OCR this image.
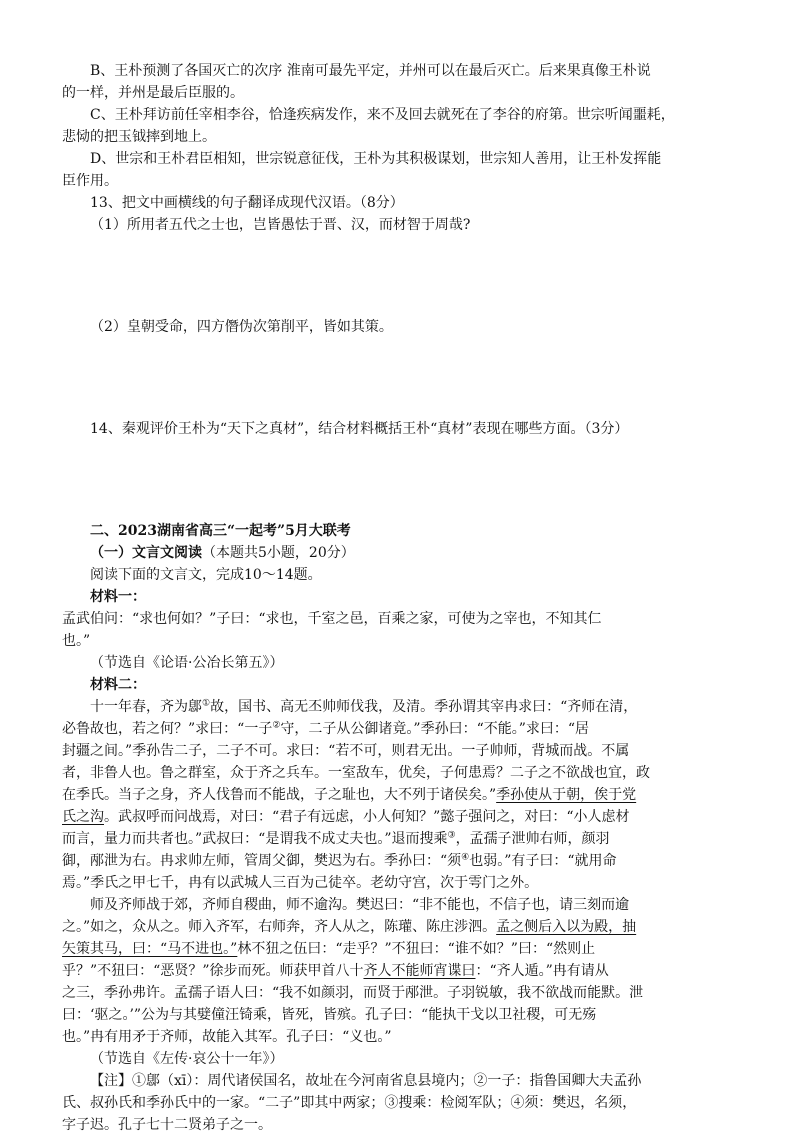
B、王朴预测了各国灭亡的次序 淮南可最先平定，并州可以在最后灭亡。后来果真像王朴说

的一样，并州是最后臣服的。

C、王朴拜访前任宰相李谷，恰逢疾病发作，来不及回去就死在了李谷的府第。世宗听闻噩耗，

悲恸的把玉钺摔到地上。

D、世宗和王朴君臣相知，世宗锐意征伐，王朴为其积极谋划，世宗知人善用，让王朴发挥能

臣作用。

13、把文中画横线的句子翻译成现代汉语。（8分）

（1）所用者五代之士也，岂皆愚怯于晋、汉，而材智于周哉?

（2）皇朝受命，四方僭伪次第削平，皆如其策。

14、秦观评价王朴为“天下之真材”，结合材料概括王朴“真材”表现在哪些方面。（3分）

二、2023湖南省高三“一起考”5月大联考

（一）文言文阅读（本题共5小题，20分）

阅读下面的文言文，完成10～14题。

材料一：

孟武伯问：“求也何如？”子曰：“求也，千室之邑，百乘之家，可使为之宰也，不知其仁

也。”

（节选自《论语·公冶长第五》）

材料二：

十一年春，齐为鄎①故，国书、高无丕帅师伐我，及清。季孙谓其宰冉求曰：“齐师在清，

必鲁故也，若之何？”求曰：“一子②守，二子从公御诸竟。”季孙曰：“不能。”求曰：“居

封疆之间。”季孙告二子，二子不可。求曰：“若不可，则君无出。一子帅师，背城而战。不属

者，非鲁人也。鲁之群室，众于齐之兵车。一室敌车，优矣，子何患焉？二子之不欲战也宜，政

在季氏。当子之身，齐人伐鲁而不能战，子之耻也，大不列于诸侯矣。”季孙使从于朝，俟于党

氏之沟。武叔呼而问战焉，对曰：“君子有远虑，小人何知？”懿子强问之，对曰：“小人虑材

而言，量力而共者也。”武叔曰：“是谓我不成丈夫也。”退而搜乘③，孟孺子泄帅右师，颜羽

御，邴泄为右。冉求帅左师，管周父御，樊迟为右。季孙曰：“须④也弱。”有子曰：“就用命

焉。”季氏之甲七千，冉有以武城人三百为己徒卒。老幼守宫，次于雩门之外。

师及齐师战于郊，齐师自稷曲，师不逾沟。樊迟曰：“非不能也，不信子也，请三刻而逾

之。”如之，众从之。师入齐军，右师奔，齐人从之，陈瓘、陈庄涉泗。孟之侧后入以为殿，抽

矢策其马，曰：“马不进也。”林不狃之伍曰：“走乎？”不狃曰：“谁不如？”曰：“然则止

乎？”不狃曰：“恶贤？”徐步而死。师获甲首八十齐人不能师宵谍曰：“齐人遁。”冉有请从

之三，季孙弗许。孟孺子语人曰：“我不如颜羽，而贤于邴泄。子羽锐敏，我不欲战而能默。泄

曰：‘驱之。’”公为与其嬖僮汪锜乘，皆死，皆殡。孔子曰：“能执干戈以卫社稷，可无殇

也。”冉有用矛于齐师，故能入其军。孔子曰：“义也。”

（节选自《左传·哀公十一年》）

【注】①鄎（xī）：周代诸侯国名，故址在今河南省息县境内；②一子：指鲁国卿大夫孟孙

氏、叔孙氏和季孙氏中的一家。“二子”即其中两家；③搜乘：检阅军队；④须：樊迟，名须，

字子迟。孔子七十二贤弟子之一。
